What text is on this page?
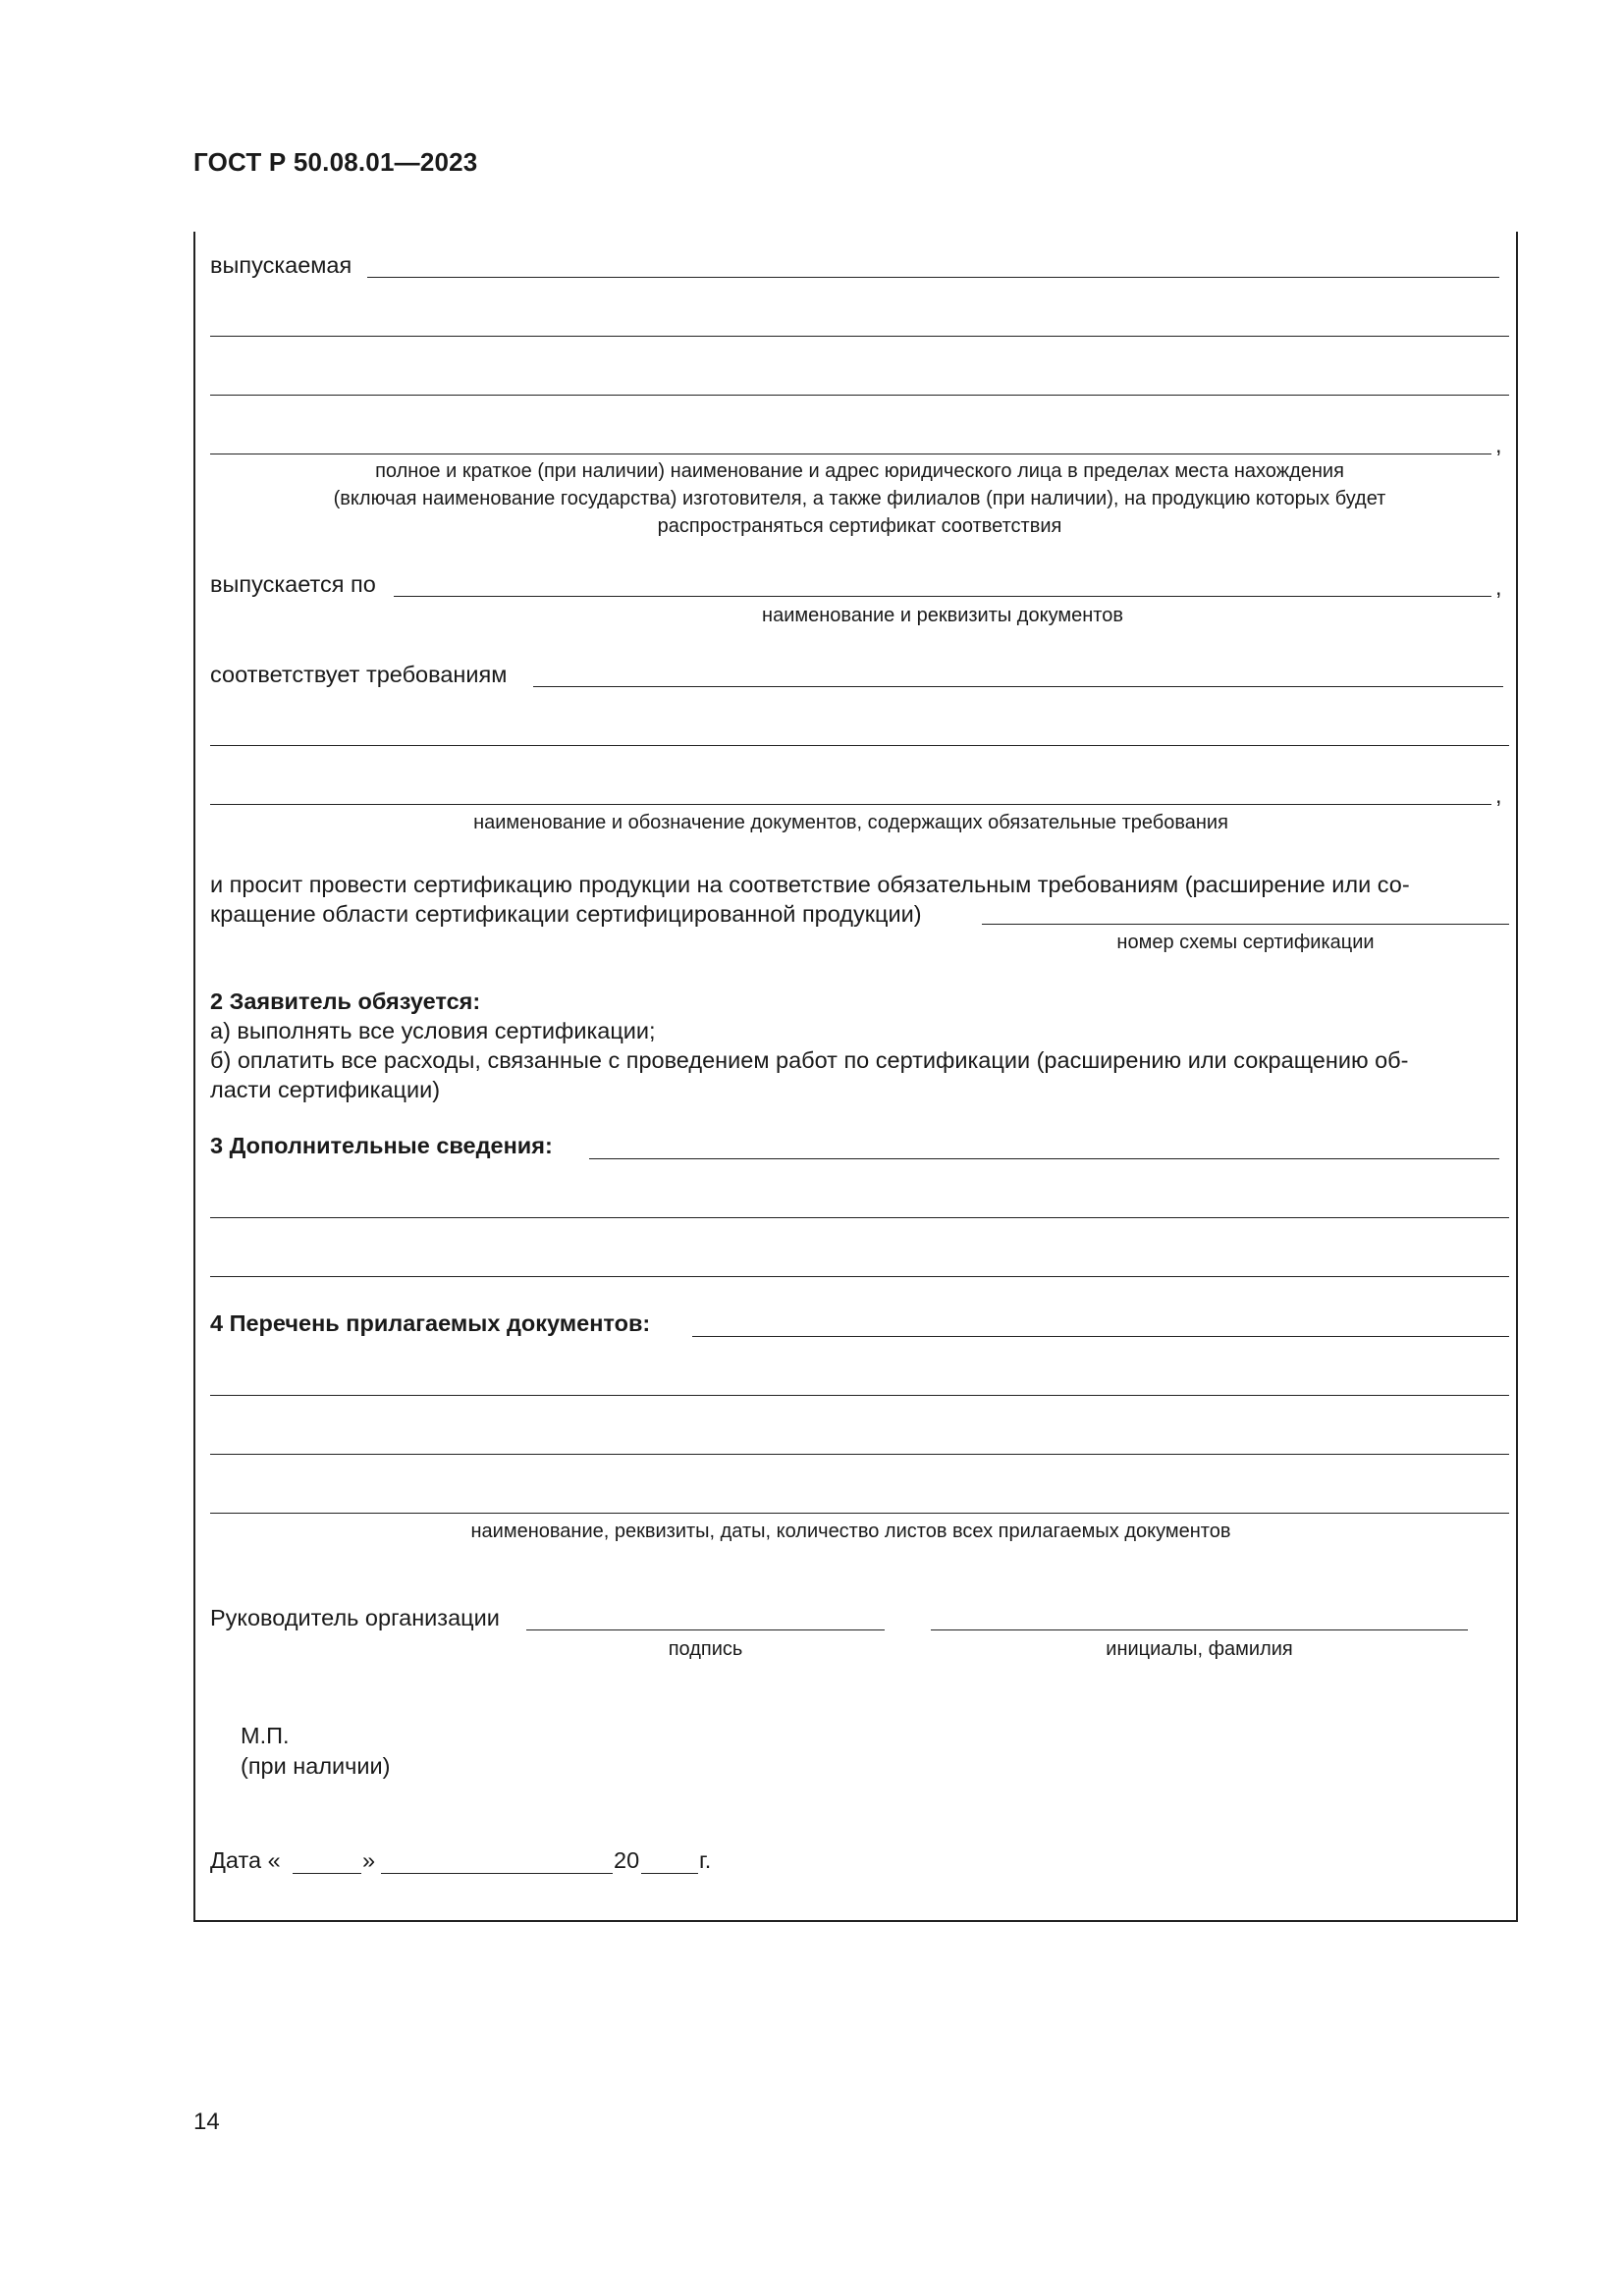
ГОСТ Р 50.08.01—2023
выпускаемая
,
полное и краткое (при наличии) наименование и адрес юридического лица в пределах места нахождения
(включая наименование государства) изготовителя, а также филиалов (при наличии), на продукцию которых будет
распространяться сертификат соответствия
выпускается по	,
наименование и реквизиты документов
соответствует требованиям
,
наименование и обозначение документов, содержащих обязательные требования
и просит провести сертификацию продукции на соответствие обязательным требованиям (расширение или со-
кращение области сертификации сертифицированной продукции)
номер схемы сертификации
2 Заявитель обязуется:
а) выполнять все условия сертификации;
б) оплатить все расходы, связанные с проведением работ по сертификации (расширению или сокращению об-
ласти сертификации)
3 Дополнительные сведения:
4 Перечень прилагаемых документов:
наименование, реквизиты, даты, количество листов всех прилагаемых документов
Руководитель организации
подпись	инициалы, фамилия
М.П.
(при наличии)
Дата «	»	20	г.
14
